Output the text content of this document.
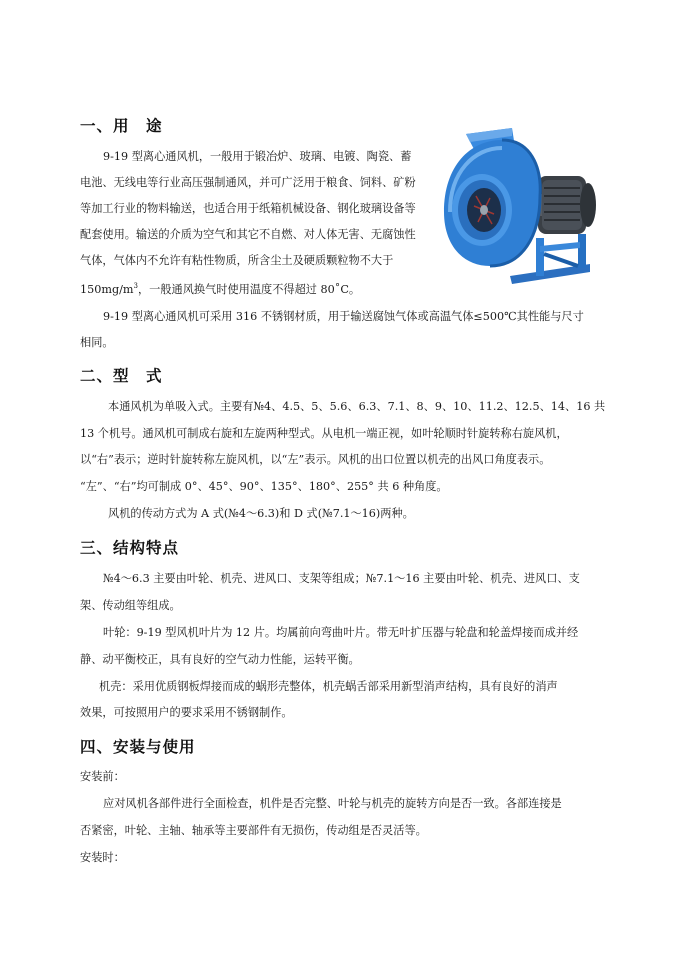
一、用　途
9-19 型离心通风机，一般用于锻冶炉、玻璃、电镀、陶瓷、蓄
电池、无线电等行业高压强制通风，并可广泛用于粮食、饲料、矿粉
等加工行业的物料输送，也适合用于纸箱机械设备、钢化玻璃设备等
配套使用。输送的介质为空气和其它不自燃、对人体无害、无腐蚀性
气体，气体内不允许有粘性物质，所含尘土及硬质颗粒物不大于
$150mg/m^3$，一般通风换气时使用温度不得超过 80˚C。
9-19 型离心通风机可采用 316 不锈钢材质，用于输送腐蚀气体或高温气体≤500℃其性能与尺寸
相同。
二、型　式
本通风机为单吸入式。主要有№4、4.5、5、5.6、6.3、7.1、8、9、10、11.2、12.5、14、16 共
13 个机号。通风机可制成右旋和左旋两种型式。从电机一端正视，如叶轮顺时针旋转称右旋风机，
以“右”表示；逆时针旋转称左旋风机，以“左”表示。风机的出口位置以机壳的出风口角度表示。
“左”、“右”均可制成 0°、45°、90°、135°、180°、255° 共 6 种角度。
风机的传动方式为 A 式(№4～6.3)和 D 式(№7.1～16)两种。
三、结构特点
№4～6.3 主要由叶轮、机壳、进风口、支架等组成；№7.1～16 主要由叶轮、机壳、进风口、支
架、传动组等组成。
叶轮：9-19 型风机叶片为 12 片。均属前向弯曲叶片。带无叶扩压器与轮盘和轮盖焊接而成并经
静、动平衡校正，具有良好的空气动力性能，运转平衡。
机壳：采用优质钢板焊接而成的蜗形壳整体，机壳蜗舌部采用新型消声结构，具有良好的消声
效果，可按照用户的要求采用不锈钢制作。
四、安装与使用
安装前：
应对风机各部件进行全面检查，机件是否完整、叶轮与机壳的旋转方向是否一致。各部连接是
否紧密，叶轮、主轴、轴承等主要部件有无损伤，传动组是否灵活等。
安装时：
